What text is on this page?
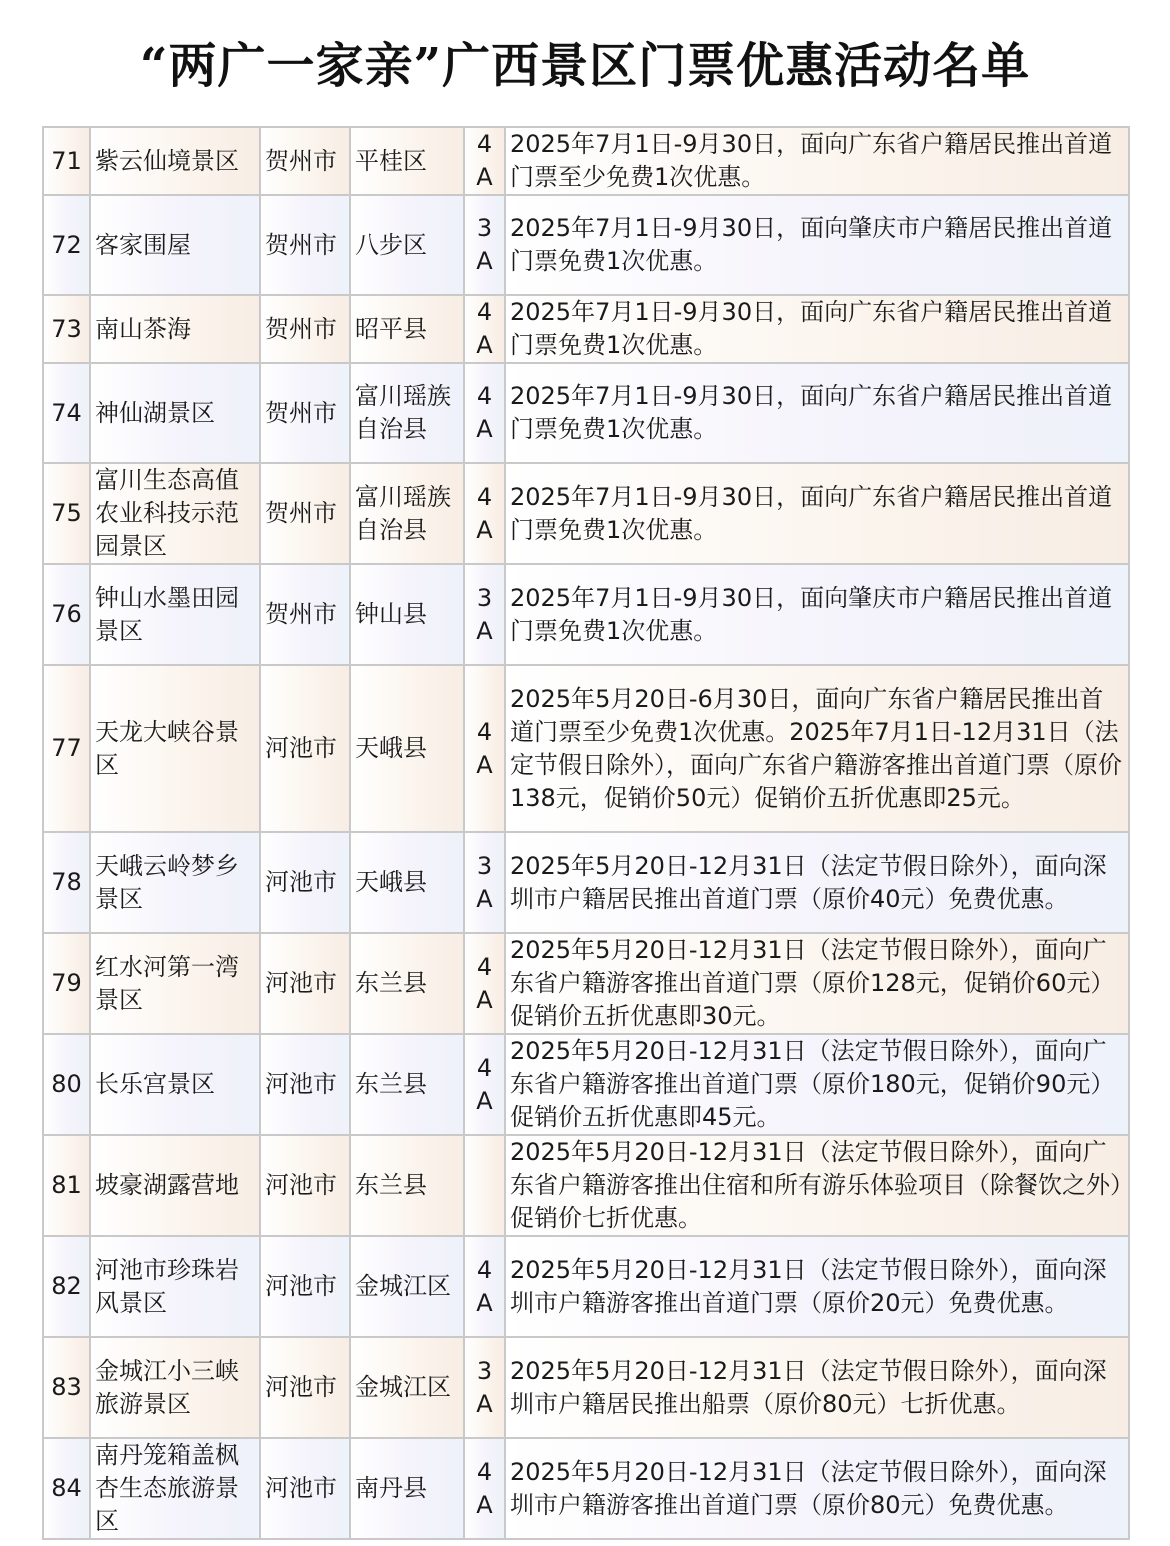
“两广一家亲”广西景区门票优惠活动名单
71	紫云仙境景区	贺州市	平桂区	4A	2025年7月1日-9月30日，面向广东省户籍居民推出首道门票至少免费1次优惠。
72	客家围屋	贺州市	八步区	3A	2025年7月1日-9月30日，面向肇庆市户籍居民推出首道门票免费1次优惠。
73	南山茶海	贺州市	昭平县	4A	2025年7月1日-9月30日，面向广东省户籍居民推出首道门票免费1次优惠。
74	神仙湖景区	贺州市	富川瑶族自治县	4A	2025年7月1日-9月30日，面向广东省户籍居民推出首道门票免费1次优惠。
75	富川生态高值农业科技示范园景区	贺州市	富川瑶族自治县	4A	2025年7月1日-9月30日，面向广东省户籍居民推出首道门票免费1次优惠。
76	钟山水墨田园景区	贺州市	钟山县	3A	2025年7月1日-9月30日，面向肇庆市户籍居民推出首道门票免费1次优惠。
77	天龙大峡谷景区	河池市	天峨县	4A	2025年5月20日-6月30日，面向广东省户籍居民推出首道门票至少免费1次优惠。2025年7月1日-12月31日（法定节假日除外），面向广东省户籍游客推出首道门票（原价138元，促销价50元）促销价五折优惠即25元。
78	天峨云岭梦乡景区	河池市	天峨县	3A	2025年5月20日-12月31日（法定节假日除外），面向深圳市户籍居民推出首道门票（原价40元）免费优惠。
79	红水河第一湾景区	河池市	东兰县	4A	2025年5月20日-12月31日（法定节假日除外），面向广东省户籍游客推出首道门票（原价128元，促销价60元）促销价五折优惠即30元。
80	长乐宫景区	河池市	东兰县	4A	2025年5月20日-12月31日（法定节假日除外），面向广东省户籍游客推出首道门票（原价180元，促销价90元）促销价五折优惠即45元。
81	坡豪湖露营地	河池市	东兰县		2025年5月20日-12月31日（法定节假日除外），面向广东省户籍游客推出住宿和所有游乐体验项目（除餐饮之外）促销价七折优惠。
82	河池市珍珠岩风景区	河池市	金城江区	4A	2025年5月20日-12月31日（法定节假日除外），面向深圳市户籍游客推出首道门票（原价20元）免费优惠。
83	金城江小三峡旅游景区	河池市	金城江区	3A	2025年5月20日-12月31日（法定节假日除外），面向深圳市户籍居民推出船票（原价80元）七折优惠。
84	南丹笼箱盖枫杏生态旅游景区	河池市	南丹县	4A	2025年5月20日-12月31日（法定节假日除外），面向深圳市户籍游客推出首道门票（原价80元）免费优惠。
